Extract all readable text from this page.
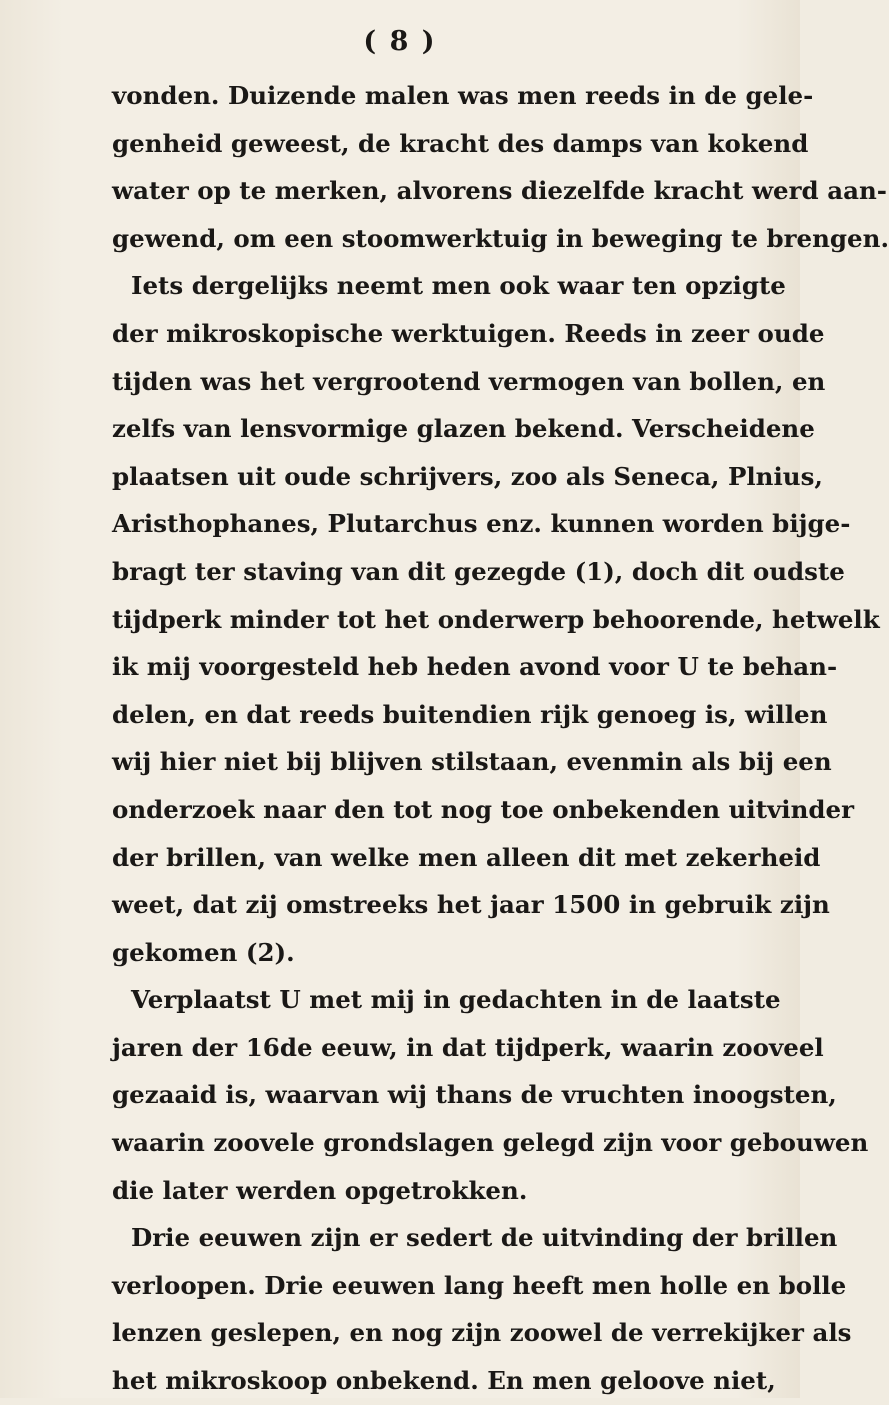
( 8 )
vonden. Duizende malen was men reeds in de gele-
genheid geweest, de kracht des damps van kokend
water op te merken, alvorens diezelfde kracht werd aan-
gewend, om een stoomwerktuig in beweging te brengen.
Iets dergelijks neemt men ook waar ten opzigte
der mikroskopische werktuigen. Reeds in zeer oude
tijden was het vergrootend vermogen van bollen, en
zelfs van lensvormige glazen bekend. Verscheidene
plaatsen uit oude schrijvers, zoo als Seneca, Plnius,
Aristhophanes, Plutarchus enz. kunnen worden bijge-
bragt ter staving van dit gezegde (1), doch dit oudste
tijdperk minder tot het onderwerp behoorende, hetwelk
ik mij voorgesteld heb heden avond voor U te behan-
delen, en dat reeds buitendien rijk genoeg is, willen
wij hier niet bij blijven stilstaan, evenmin als bij een
onderzoek naar den tot nog toe onbekenden uitvinder
der brillen, van welke men alleen dit met zekerheid
weet, dat zij omstreeks het jaar 1500 in gebruik zijn
gekomen (2).
Verplaatst U met mij in gedachten in de laatste
jaren der 16de eeuw, in dat tijdperk, waarin zooveel
gezaaid is, waarvan wij thans de vruchten inoogsten,
waarin zoovele grondslagen gelegd zijn voor gebouwen
die later werden opgetrokken.
Drie eeuwen zijn er sedert de uitvinding der brillen
verloopen. Drie eeuwen lang heeft men holle en bolle
lenzen geslepen, en nog zijn zoowel de verrekijker als
het mikroskoop onbekend. En men geloove niet,
